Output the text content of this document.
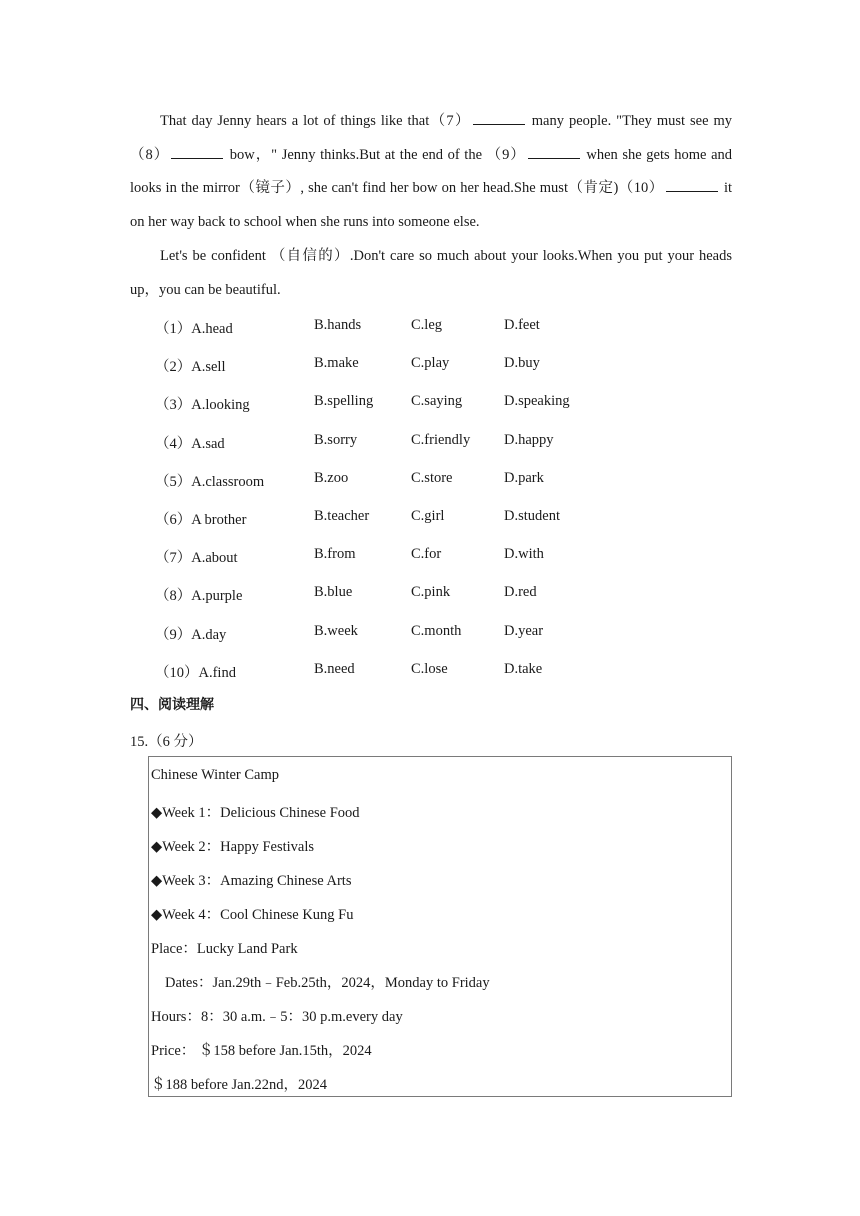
That day Jenny hears a lot of things like that（7）	many people. "They must see my（8）	bow，" Jenny thinks.But at the end of the （9）	when she gets home and looks in the mirror（镜子）, she can't find her bow on her head.She must（肯定)（10）	it on her way back to school when she runs into someone else.

Let's be confident （自信的）.Don't care so much about your looks.When you put your heads up，you can be beautiful.

（1）A.head	B.hands	C.leg	D.feet
（2）A.sell	B.make	C.play	D.buy
（3）A.looking	B.spelling	C.saying	D.speaking
（4）A.sad	B.sorry	C.friendly D.happy
（5）A.classroom	B.zoo	C.store	D.park
（6）A brother	B.teacher	C.girl	D.student
（7）A.about	B.from	C.for	D.with
（8）A.purple	B.blue	C.pink	D.red
（9）A.day	B.week	C.month	D.year
（10）A.find	B.need	C.lose	D.take

四、阅读理解

15.（6 分）

Chinese Winter Camp
◆Week 1：Delicious Chinese Food
◆Week 2：Happy Festivals
◆Week 3：Amazing Chinese Arts
◆Week 4：Cool Chinese Kung Fu
Place：Lucky Land Park
Dates：Jan.29th﹣Feb.25th，2024，Monday to Friday
Hours：8：30 a.m.﹣5：30 p.m.every day
Price： ＄158 before Jan.15th，2024
＄188 before Jan.22nd，2024
